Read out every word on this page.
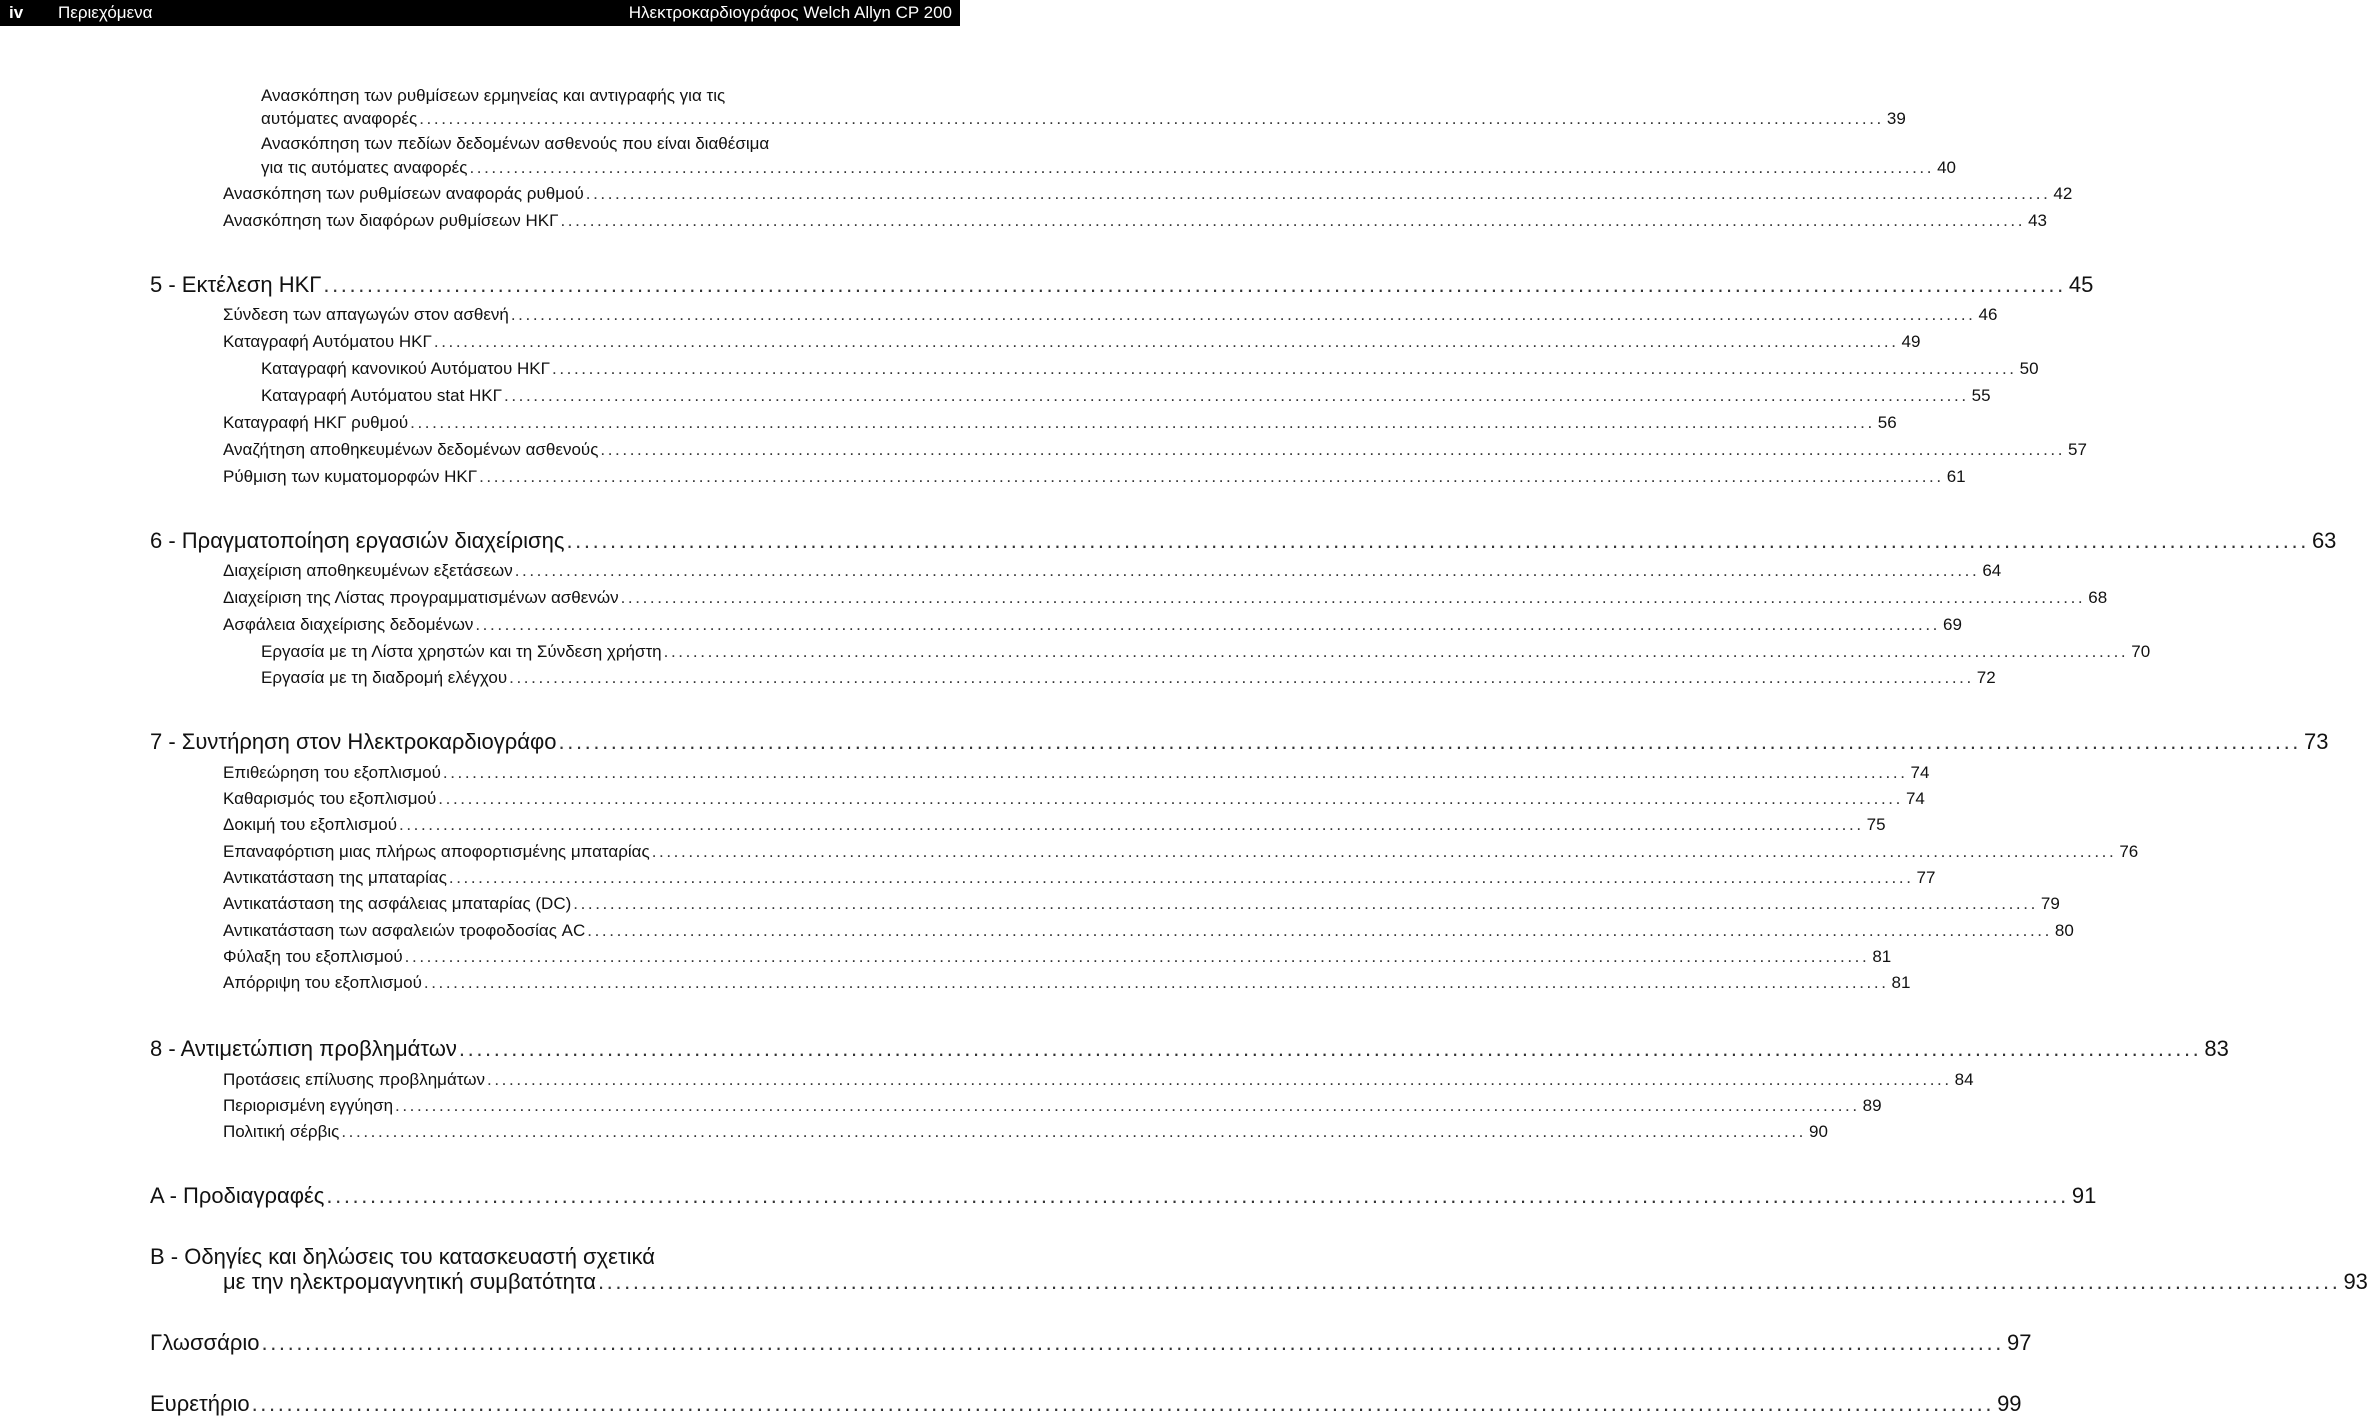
iv Περιεχόμενα	Ηλεκτροκαρδιογράφος Welch Allyn CP 200
Ανασκόπηση των ρυθμίσεων ερμηνείας και αντιγραφής για τις
αυτόματες αναφορές ........................................................................................................................................................................................................ 39
Ανασκόπηση των πεδίων δεδομένων ασθενούς που είναι διαθέσιμα
για τις αυτόματες αναφορές ........................................................................................................................................................................................................ 40
Ανασκόπηση των ρυθμίσεων αναφοράς ρυθμού ........................................................................................................................................................................................................ 42
Ανασκόπηση των διαφόρων ρυθμίσεων ΗΚΓ ........................................................................................................................................................................................................ 43
5 - Εκτέλεση ΗΚΓ ........................................................................................................................................................................................................ 45
Σύνδεση των απαγωγών στον ασθενή ........................................................................................................................................................................................................ 46
Καταγραφή Αυτόματου ΗΚΓ ........................................................................................................................................................................................................ 49
Καταγραφή κανονικού Αυτόματου ΗΚΓ ........................................................................................................................................................................................................ 50
Καταγραφή Αυτόματου stat ΗΚΓ ........................................................................................................................................................................................................ 55
Καταγραφή ΗΚΓ ρυθμού ........................................................................................................................................................................................................ 56
Αναζήτηση αποθηκευμένων δεδομένων ασθενούς ........................................................................................................................................................................................................ 57
Ρύθμιση των κυματομορφών ΗΚΓ ........................................................................................................................................................................................................ 61
6 - Πραγματοποίηση εργασιών διαχείρισης ........................................................................................................................................................................................................ 63
Διαχείριση αποθηκευμένων εξετάσεων ........................................................................................................................................................................................................ 64
Διαχείριση της Λίστας προγραμματισμένων ασθενών ........................................................................................................................................................................................................ 68
Ασφάλεια διαχείρισης δεδομένων ........................................................................................................................................................................................................ 69
Εργασία με τη Λίστα χρηστών και τη Σύνδεση χρήστη ........................................................................................................................................................................................................ 70
Εργασία με τη διαδρομή ελέγχου ........................................................................................................................................................................................................ 72
7 - Συντήρηση στον Ηλεκτροκαρδιογράφο ........................................................................................................................................................................................................ 73
Επιθεώρηση του εξοπλισμού ........................................................................................................................................................................................................ 74
Καθαρισμός του εξοπλισμού ........................................................................................................................................................................................................ 74
Δοκιμή του εξοπλισμού ........................................................................................................................................................................................................ 75
Επαναφόρτιση μιας πλήρως αποφορτισμένης μπαταρίας ........................................................................................................................................................................................................ 76
Αντικατάσταση της μπαταρίας ........................................................................................................................................................................................................ 77
Αντικατάσταση της ασφάλειας μπαταρίας (DC) ........................................................................................................................................................................................................ 79
Αντικατάσταση των ασφαλειών τροφοδοσίας AC ........................................................................................................................................................................................................ 80
Φύλαξη του εξοπλισμού ........................................................................................................................................................................................................ 81
Απόρριψη του εξοπλισμού ........................................................................................................................................................................................................ 81
8 - Αντιμετώπιση προβλημάτων ........................................................................................................................................................................................................ 83
Προτάσεις επίλυσης προβλημάτων ........................................................................................................................................................................................................ 84
Περιορισμένη εγγύηση ........................................................................................................................................................................................................ 89
Πολιτική σέρβις ........................................................................................................................................................................................................ 90
A - Προδιαγραφές ........................................................................................................................................................................................................ 91
B - Οδηγίες και δηλώσεις του κατασκευαστή σχετικά
με την ηλεκτρομαγνητική συμβατότητα ........................................................................................................................................................................................................ 93
Γλωσσάριο ........................................................................................................................................................................................................ 97
Ευρετήριο ........................................................................................................................................................................................................ 99
